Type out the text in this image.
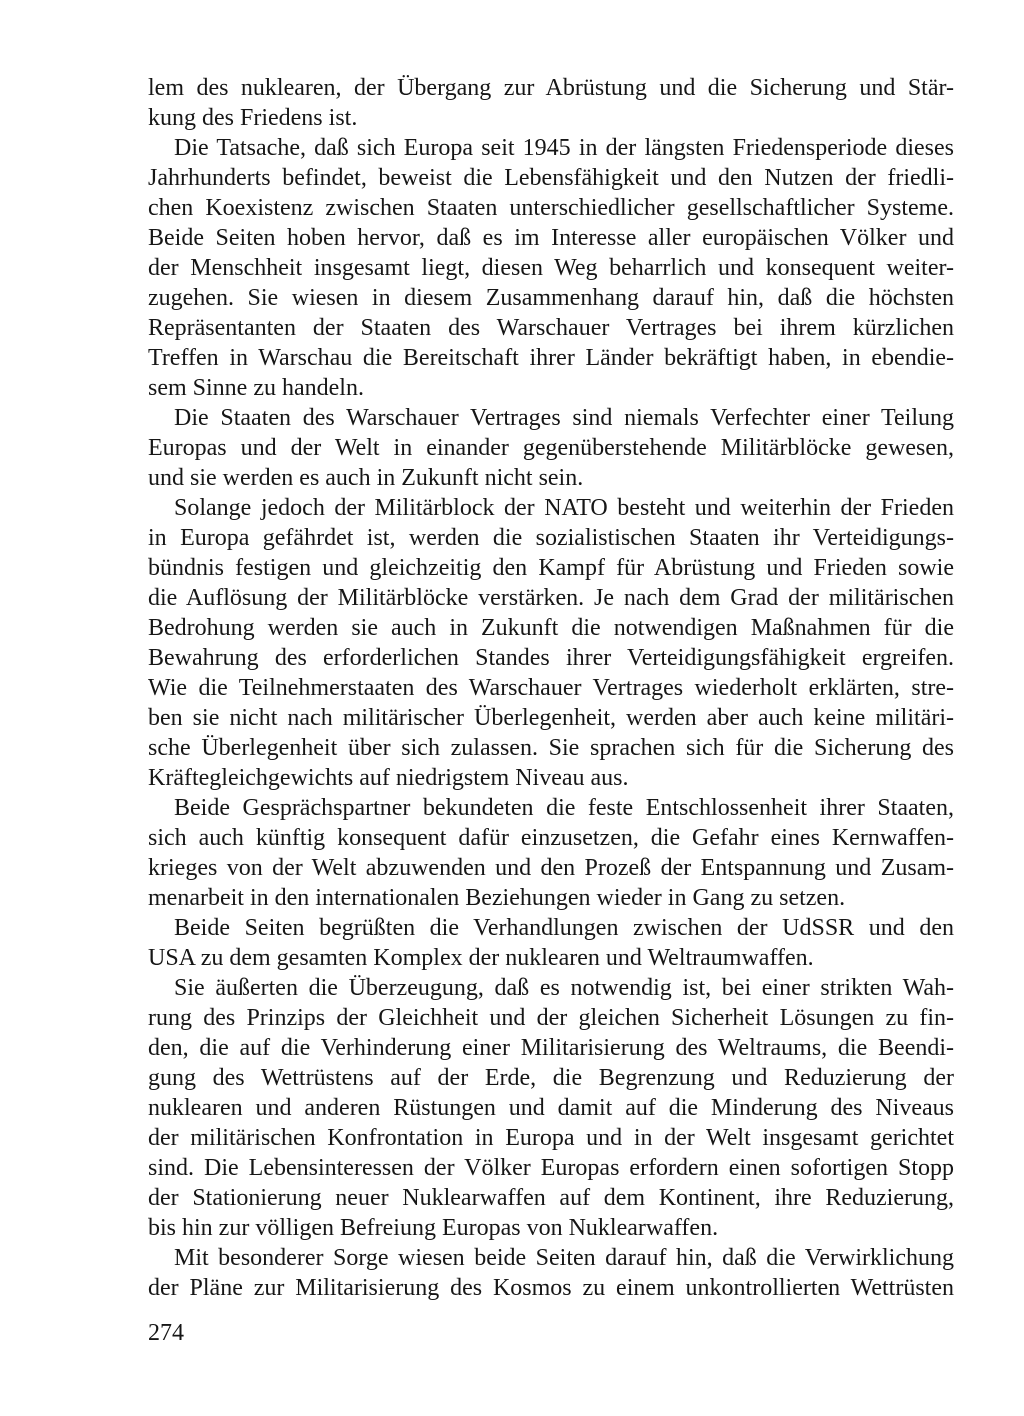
lem des nuklearen, der Übergang zur Abrüstung und die Sicherung und Stär-
kung des Friedens ist.
Die Tatsache, daß sich Europa seit 1945 in der längsten Friedensperiode dieses
Jahrhunderts befindet, beweist die Lebensfähigkeit und den Nutzen der friedli-
chen Koexistenz zwischen Staaten unterschiedlicher gesellschaftlicher Systeme.
Beide Seiten hoben hervor, daß es im Interesse aller europäischen Völker und
der Menschheit insgesamt liegt, diesen Weg beharrlich und konsequent weiter-
zugehen. Sie wiesen in diesem Zusammenhang darauf hin, daß die höchsten
Repräsentanten der Staaten des Warschauer Vertrages bei ihrem kürzlichen
Treffen in Warschau die Bereitschaft ihrer Länder bekräftigt haben, in ebendie-
sem Sinne zu handeln.
Die Staaten des Warschauer Vertrages sind niemals Verfechter einer Teilung
Europas und der Welt in einander gegenüberstehende Militärblöcke gewesen,
und sie werden es auch in Zukunft nicht sein.
Solange jedoch der Militärblock der NATO besteht und weiterhin der Frieden
in Europa gefährdet ist, werden die sozialistischen Staaten ihr Verteidigungs-
bündnis festigen und gleichzeitig den Kampf für Abrüstung und Frieden sowie
die Auflösung der Militärblöcke verstärken. Je nach dem Grad der militärischen
Bedrohung werden sie auch in Zukunft die notwendigen Maßnahmen für die
Bewahrung des erforderlichen Standes ihrer Verteidigungsfähigkeit ergreifen.
Wie die Teilnehmerstaaten des Warschauer Vertrages wiederholt erklärten, stre-
ben sie nicht nach militärischer Überlegenheit, werden aber auch keine militäri-
sche Überlegenheit über sich zulassen. Sie sprachen sich für die Sicherung des
Kräftegleichgewichts auf niedrigstem Niveau aus.
Beide Gesprächspartner bekundeten die feste Entschlossenheit ihrer Staaten,
sich auch künftig konsequent dafür einzusetzen, die Gefahr eines Kernwaffen-
krieges von der Welt abzuwenden und den Prozeß der Entspannung und Zusam-
menarbeit in den internationalen Beziehungen wieder in Gang zu setzen.
Beide Seiten begrüßten die Verhandlungen zwischen der UdSSR und den
USA zu dem gesamten Komplex der nuklearen und Weltraumwaffen.
Sie äußerten die Überzeugung, daß es notwendig ist, bei einer strikten Wah-
rung des Prinzips der Gleichheit und der gleichen Sicherheit Lösungen zu fin-
den, die auf die Verhinderung einer Militarisierung des Weltraums, die Beendi-
gung des Wettrüstens auf der Erde, die Begrenzung und Reduzierung der
nuklearen und anderen Rüstungen und damit auf die Minderung des Niveaus
der militärischen Konfrontation in Europa und in der Welt insgesamt gerichtet
sind. Die Lebensinteressen der Völker Europas erfordern einen sofortigen Stopp
der Stationierung neuer Nuklearwaffen auf dem Kontinent, ihre Reduzierung,
bis hin zur völligen Befreiung Europas von Nuklearwaffen.
Mit besonderer Sorge wiesen beide Seiten darauf hin, daß die Verwirklichung
der Pläne zur Militarisierung des Kosmos zu einem unkontrollierten Wettrüsten
274
